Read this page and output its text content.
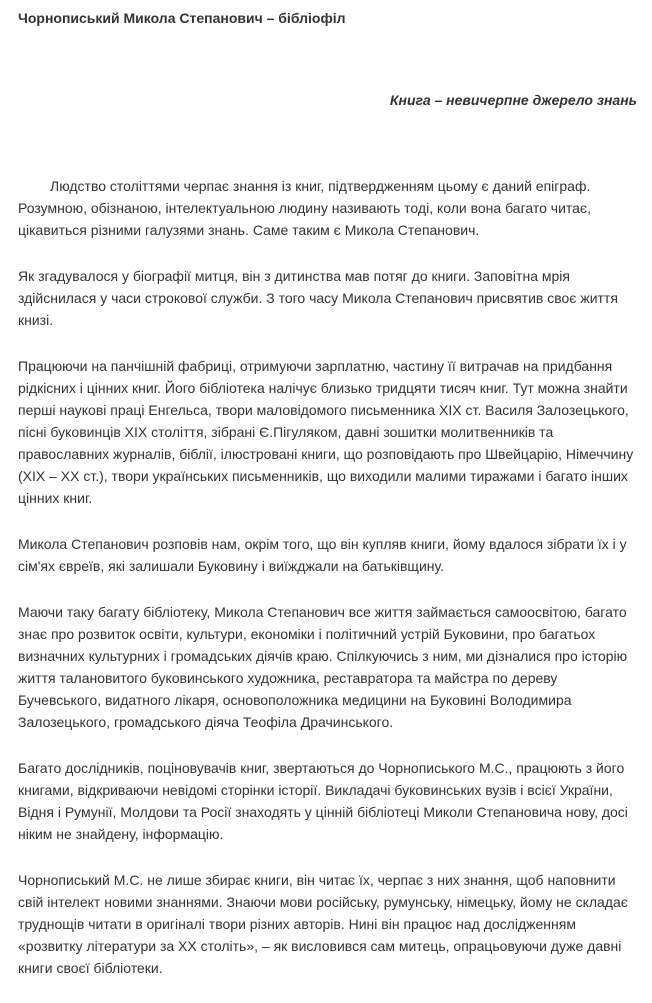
Чорнописький Микола Степанович – бібліофіл
Книга – невичерпне джерело знань

Людство століттями черпає знання із книг, підтвердженням цьому є даний епіграф. Розумною, обізнаною, інтелектуальною людину називають тоді, коли вона багато читає, цікавиться різними галузями знань. Саме таким є Микола Степанович.

Як згадувалося у біографії митця, він з дитинства мав потяг до книги. Заповітна мрія здійснилася у часи строкової служби. З того часу Микола Степанович присвятив своє життя книзі.

Працюючи на панчішній фабриці, отримуючи зарплатню, частину її витрачав на придбання рідкісних і цінних книг. Його бібліотека налічує близько тридцяти тисяч книг. Тут можна знайти перші наукові праці Енгельса, твори маловідомого письменника ХІХ ст. Василя Залозецького, пісні буковинців ХІХ століття, зібрані Є.Пігуляком, давні зошитки молитвенників та православних журналів, біблії, ілюстровані книги, що розповідають про Швейцарію, Німеччину (ХІХ – ХХ ст.), твори українських письменників, що виходили малими тиражами і багато інших цінних книг.

Микола Степанович розповів нам, окрім того, що він купляв книги, йому вдалося зібрати їх і у сім'ях євреїв, які залишали Буковину і виїжджали на батьківщину.

Маючи таку багату бібліотеку, Микола Степанович все життя займається самоосвітою, багато знає про розвиток освіти, культури, економіки і політичний устрій Буковини, про багатьох визначних культурних і громадських діячів краю. Спілкуючись з ним, ми дізналися про історію життя талановитого буковинського художника, реставратора та майстра по дереву Бучевського, видатного лікаря, основоположника медицини на Буковині Володимира Залозецького, громадського діяча Теофіла Драчинського.

Багато дослідників, поціновувачів книг, звертаються до Чорнописького М.С., працюють з його книгами, відкриваючи невідомі сторінки історії. Викладачі буковинських вузів і всієї України, Відня і Румунії, Молдови та Росії знаходять у цінній бібліотеці Миколи Степановича нову, досі ніким не знайдену, інформацію.

Чорнописький М.С. не лише збирає книги, він читає їх, черпає з них знання, щоб наповнити свій інтелект новими знаннями. Знаючи мови російську, румунську, німецьку, йому не складає труднощів читати в оригіналі твори різних авторів. Нині він працює над дослідженням «розвитку літератури за ХХ століть», – як висловився сам митець, опрацьовуючи дуже давні книги своєї бібліотеки.
